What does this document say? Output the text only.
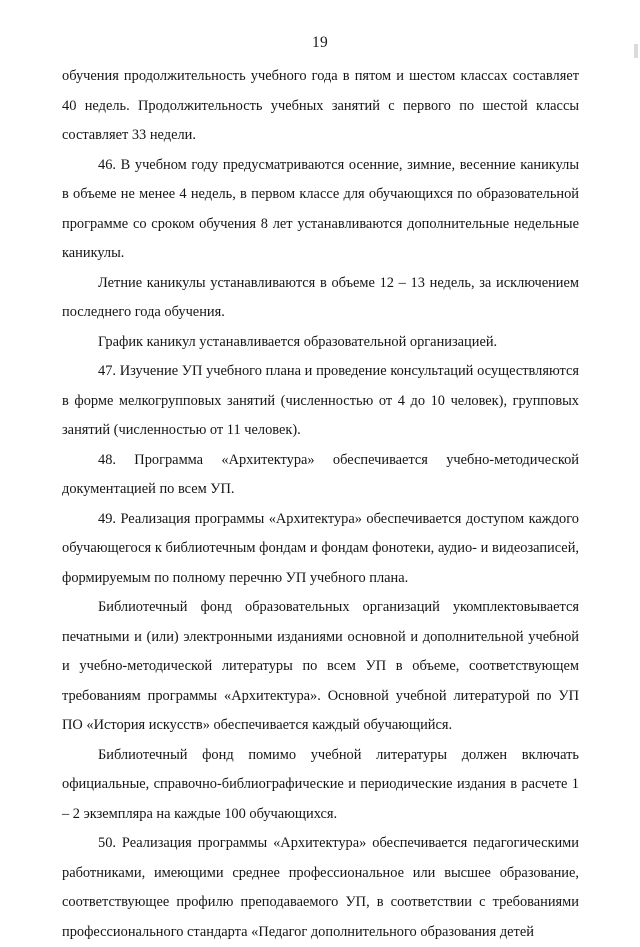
19

обучения продолжительность учебного года в пятом и шестом классах составляет 40 недель. Продолжительность учебных занятий с первого по шестой классы составляет 33 недели.

46. В учебном году предусматриваются осенние, зимние, весенние каникулы в объеме не менее 4 недель, в первом классе для обучающихся по образовательной программе со сроком обучения 8 лет устанавливаются дополнительные недельные каникулы.

Летние каникулы устанавливаются в объеме 12 – 13 недель, за исключением последнего года обучения.

График каникул устанавливается образовательной организацией.

47. Изучение УП учебного плана и проведение консультаций осуществляются в форме мелкогрупповых занятий (численностью от 4 до 10 человек), групповых занятий (численностью от 11 человек).

48. Программа «Архитектура» обеспечивается учебно-методической документацией по всем УП.

49. Реализация программы «Архитектура» обеспечивается доступом каждого обучающегося к библиотечным фондам и фондам фонотеки, аудио- и видеозаписей, формируемым по полному перечню УП учебного плана.

Библиотечный фонд образовательных организаций укомплектовывается печатными и (или) электронными изданиями основной и дополнительной учебной и учебно-методической литературы по всем УП в объеме, соответствующем требованиям программы «Архитектура». Основной учебной литературой по УП ПО «История искусств» обеспечивается каждый обучающийся.

Библиотечный фонд помимо учебной литературы должен включать официальные, справочно-библиографические и периодические издания в расчете 1 – 2 экземпляра на каждые 100 обучающихся.

50. Реализация программы «Архитектура» обеспечивается педагогическими работниками, имеющими среднее профессиональное или высшее образование, соответствующее профилю преподаваемого УП, в соответствии с требованиями профессионального стандарта «Педагог дополнительного образования детей
